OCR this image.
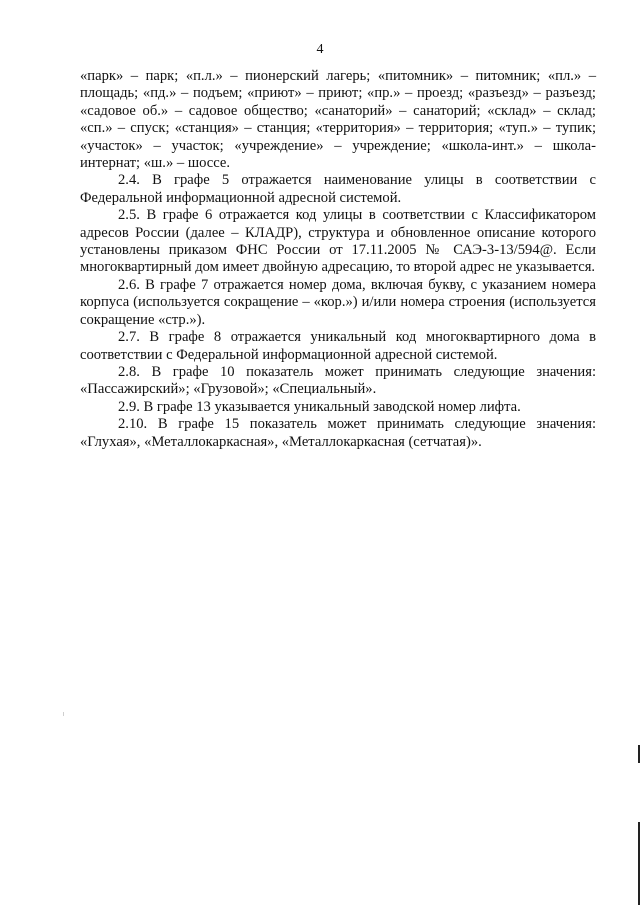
4

«парк» – парк; «п.л.» – пионерский лагерь; «питомник» – питомник; «пл.» – площадь; «пд.» – подъем; «приют» – приют; «пр.» – проезд; «разъезд» – разъезд; «садовое об.» – садовое общество; «санаторий» – санаторий; «склад» – склад; «сп.» – спуск; «станция» – станция; «территория» – территория; «туп.» – тупик; «участок» – участок; «учреждение» – учреждение; «школа-инт.» – школа-интернат; «ш.» – шоссе.

2.4. В графе 5 отражается наименование улицы в соответствии с Федеральной информационной адресной системой.

2.5. В графе 6 отражается код улицы в соответствии с Классификатором адресов России (далее – КЛАДР), структура и обновленное описание которого установлены приказом ФНС России от 17.11.2005 № САЭ-3-13/594@. Если многоквартирный дом имеет двойную адресацию, то второй адрес не указывается.

2.6. В графе 7 отражается номер дома, включая букву, с указанием номера корпуса (используется сокращение – «кор.») и/или номера строения (используется сокращение «стр.»).

2.7. В графе 8 отражается уникальный код многоквартирного дома в соответствии с Федеральной информационной адресной системой.

2.8. В графе 10 показатель может принимать следующие значения: «Пассажирский»; «Грузовой»; «Специальный».

2.9. В графе 13 указывается уникальный заводской номер лифта.

2.10. В графе 15 показатель может принимать следующие значения: «Глухая», «Металлокаркасная», «Металлокаркасная (сетчатая)».
